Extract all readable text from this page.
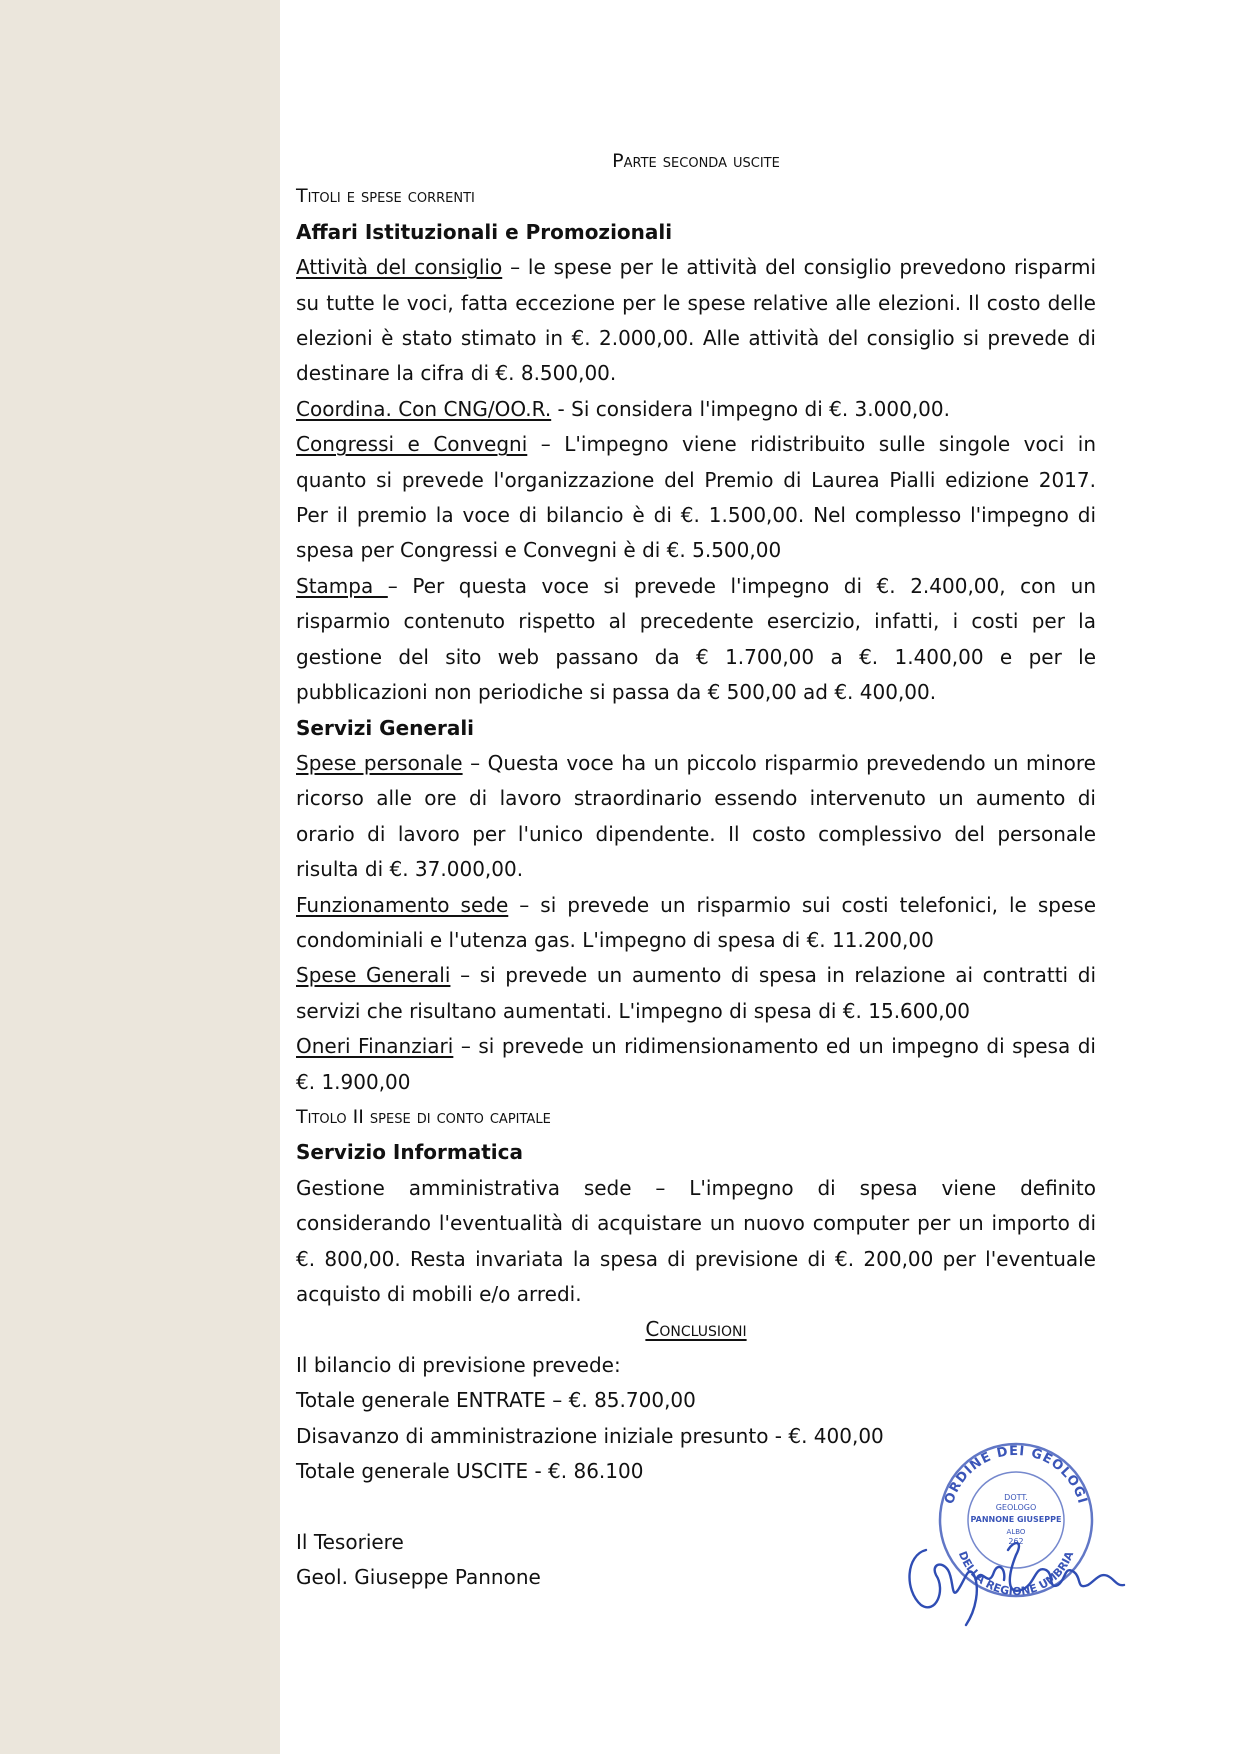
Parte seconda uscite

Titoli e spese correnti

Affari Istituzionali e Promozionali

Attività del consiglio – le spese per le attività del consiglio prevedono risparmi su tutte le voci, fatta eccezione per le spese relative alle elezioni. Il costo delle elezioni è stato stimato in €. 2.000,00. Alle attività del consiglio si prevede di destinare la cifra di €. 8.500,00.

Coordina. Con CNG/OO.R. - Si considera l'impegno di €. 3.000,00.

Congressi e Convegni – L'impegno viene ridistribuito sulle singole voci in quanto si prevede l'organizzazione del Premio di Laurea Pialli edizione 2017. Per il premio la voce di bilancio è di €. 1.500,00. Nel complesso l'impegno di spesa per Congressi e Convegni è di €. 5.500,00

Stampa – Per questa voce si prevede l'impegno di €. 2.400,00, con un risparmio contenuto rispetto al precedente esercizio, infatti, i costi per la gestione del sito web passano da € 1.700,00 a €. 1.400,00 e per le pubblicazioni non periodiche si passa da € 500,00 ad €. 400,00.

Servizi Generali

Spese personale – Questa voce ha un piccolo risparmio prevedendo un minore ricorso alle ore di lavoro straordinario essendo intervenuto un aumento di orario di lavoro per l'unico dipendente. Il costo complessivo del personale risulta di €. 37.000,00.

Funzionamento sede – si prevede un risparmio sui costi telefonici, le spese condominiali e l'utenza gas. L'impegno di spesa di €. 11.200,00

Spese Generali – si prevede un aumento di spesa in relazione ai contratti di servizi che risultano aumentati. L'impegno di spesa di €. 15.600,00

Oneri Finanziari – si prevede un ridimensionamento ed un impegno di spesa di €. 1.900,00

Titolo II spese di conto capitale

Servizio Informatica

Gestione amministrativa sede – L'impegno di spesa viene definito considerando l'eventualità di acquistare un nuovo computer per un importo di €. 800,00. Resta invariata la spesa di previsione di €. 200,00 per l'eventuale acquisto di mobili e/o arredi.

Conclusioni

Il bilancio di previsione prevede:

Totale generale ENTRATE – €. 85.700,00

Disavanzo di amministrazione iniziale presunto - €. 400,00

Totale generale USCITE - €. 86.100

Il Tesoriere

Geol. Giuseppe Pannone

ORDINE DEI GEOLOGI
DELLA REGIONE UMBRIA
DOTT.
GEOLOGO
PANNONE GIUSEPPE
ALBO
262
